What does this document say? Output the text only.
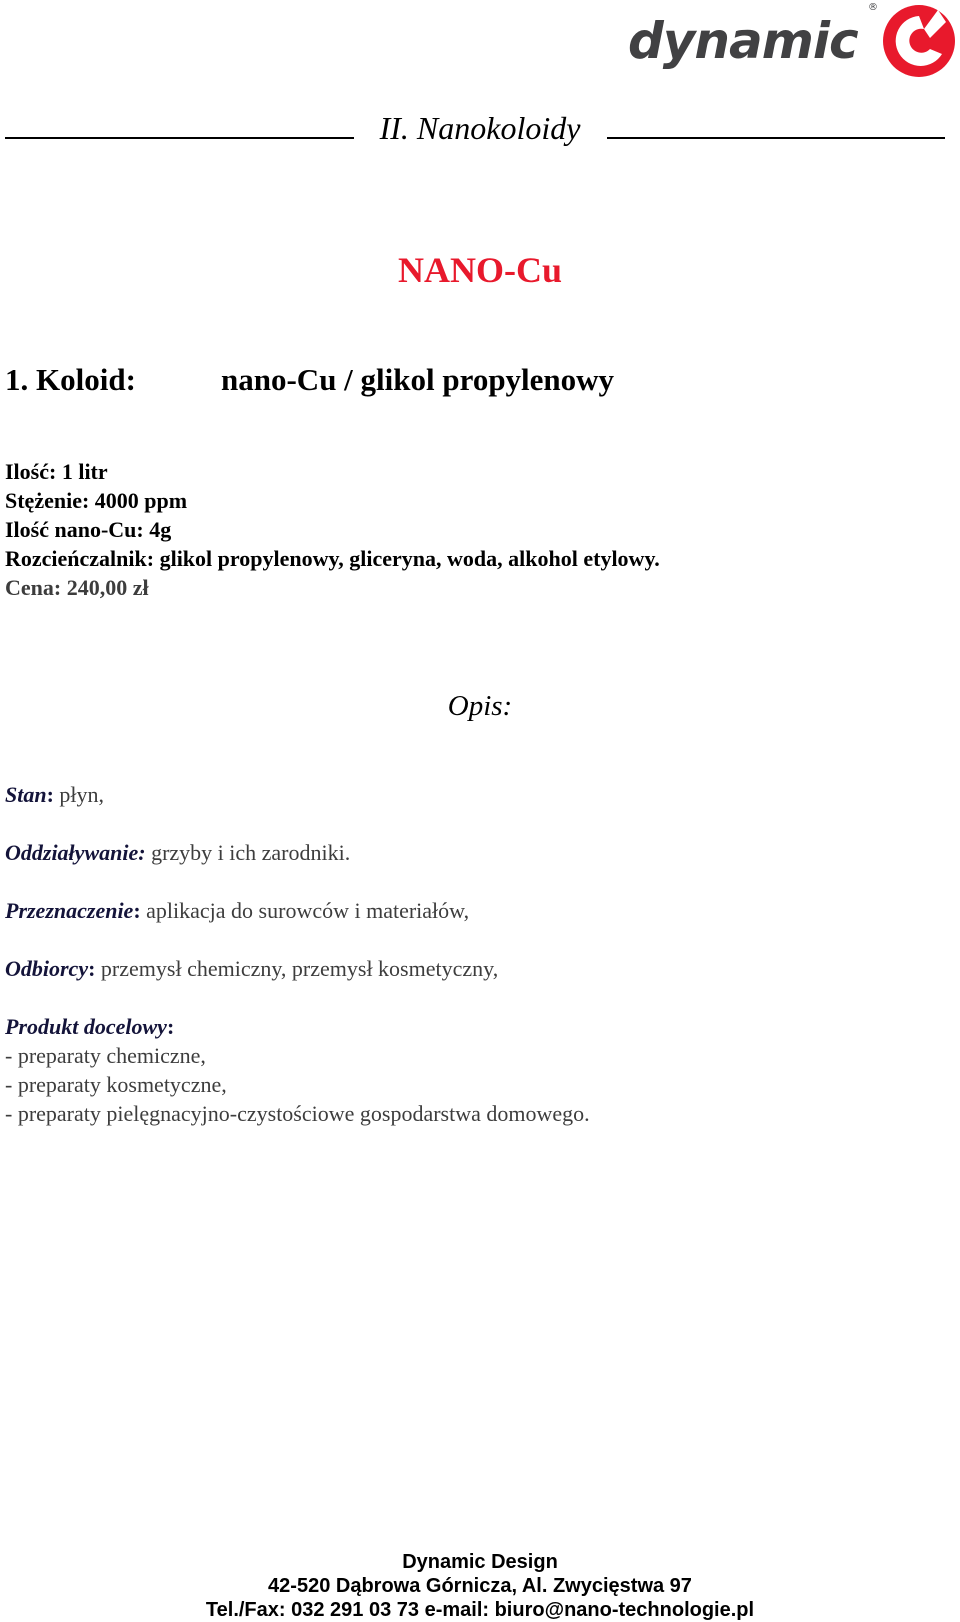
dynamic
®
II. Nanokoloidy
NANO-Cu
1. Koloid:	nano-Cu / glikol propylenowy
Ilość: 1 litr
Stężenie: 4000 ppm
Ilość nano-Cu: 4g
Rozcieńczalnik: glikol propylenowy, gliceryna, woda, alkohol etylowy.
Cena: 240,00 zł
Opis:
Stan: płyn,
Oddziaływanie: grzyby i ich zarodniki.
Przeznaczenie: aplikacja do surowców i materiałów,
Odbiorcy: przemysł chemiczny, przemysł kosmetyczny,
Produkt docelowy:
- preparaty chemiczne,
- preparaty kosmetyczne,
- preparaty pielęgnacyjno-czystościowe gospodarstwa domowego.
Dynamic Design
42-520 Dąbrowa Górnicza, Al. Zwycięstwa 97
Tel./Fax: 032 291 03 73 e-mail: biuro@nano-technologie.pl
